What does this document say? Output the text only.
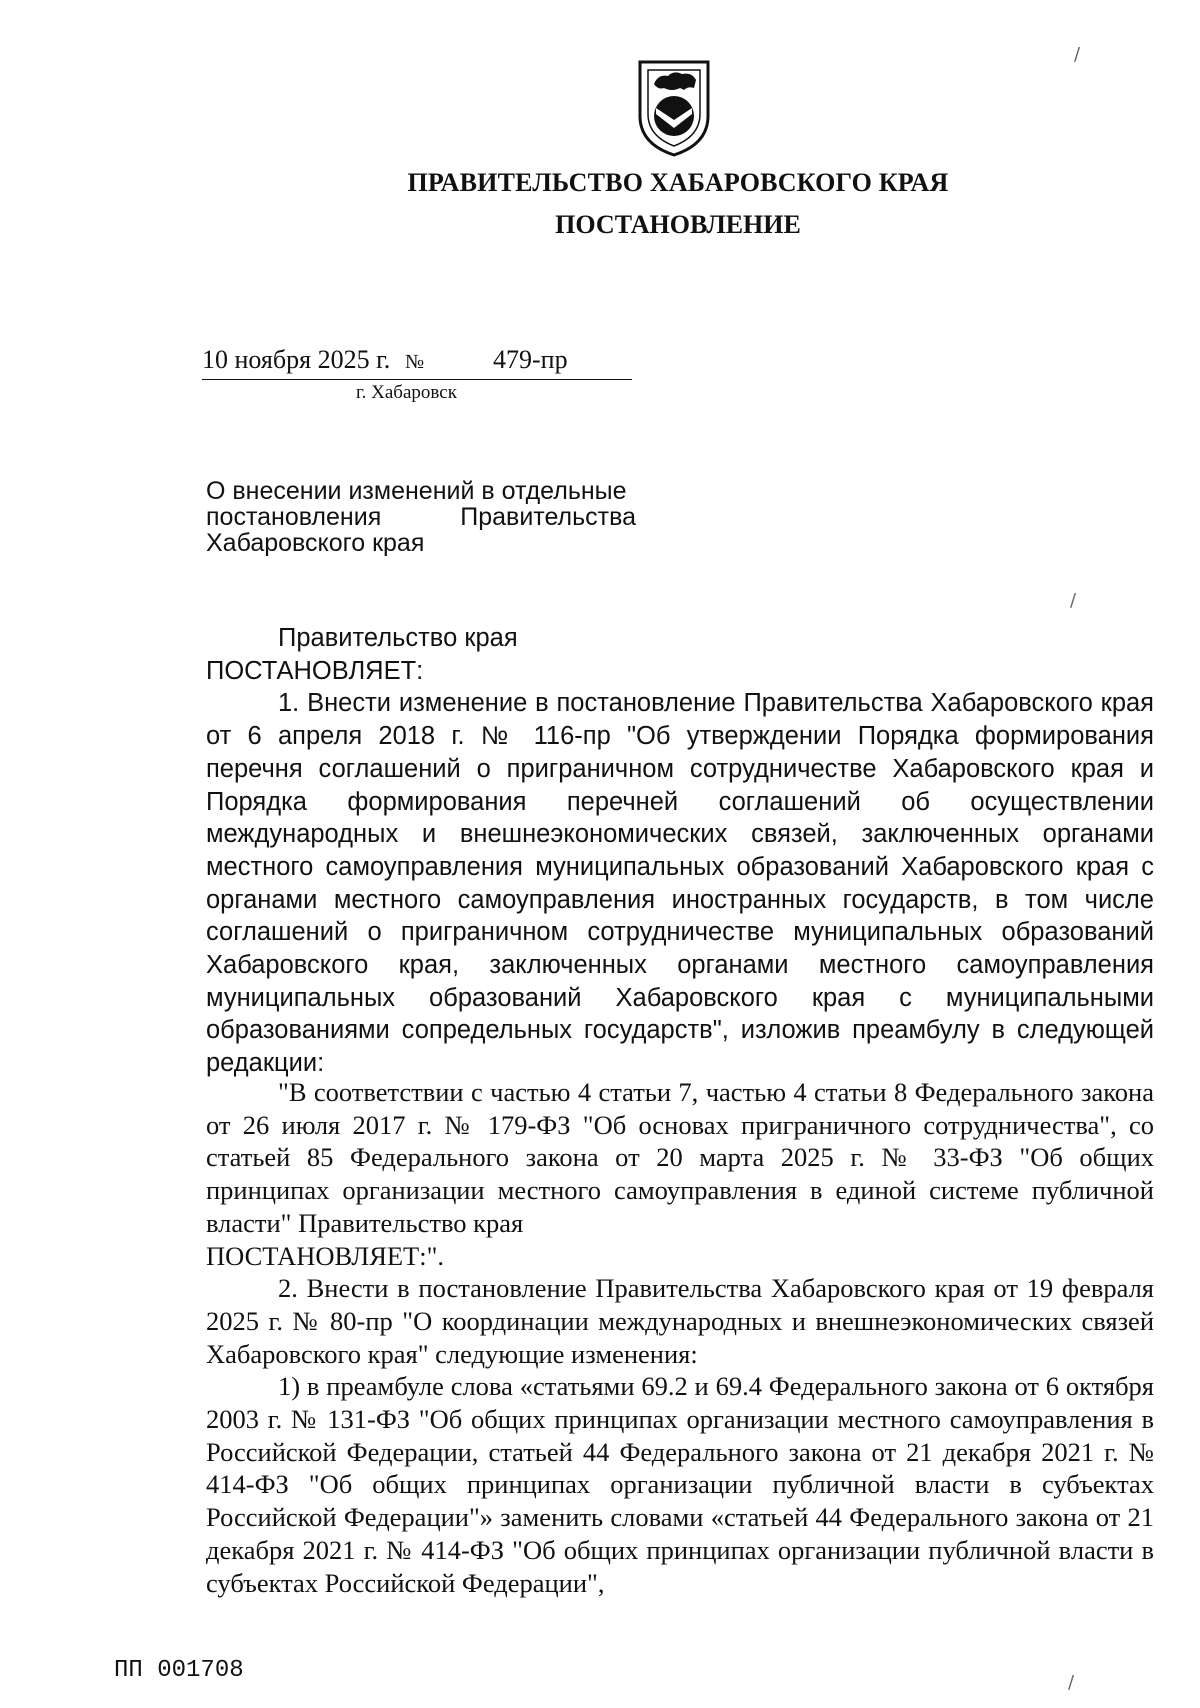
ПРАВИТЕЛЬСТВО ХАБАРОВСКОГО КРАЯ
ПОСТАНОВЛЕНИЕ
10 ноября 2025 г. №	479-пр
г. Хабаровск
О внесении изменений в отдельные
постановления	Правительства
Хабаровского края

Правительство края

ПОСТАНОВЛЯЕТ:

1. Внести изменение в постановление Правительства Хабаровского края от 6 апреля 2018 г. № 116-пр "Об утверждении Порядка формирования перечня соглашений о приграничном сотрудничестве Хабаровского края и Порядка формирования перечней соглашений об осуществлении международных и внешнеэкономических связей, заключенных органами местного самоуправления муниципальных образований Хабаровского края с органами местного самоуправления иностранных государств, в том числе соглашений о приграничном сотрудничестве муниципальных образований Хабаровского края, заключенных органами местного самоуправления муниципальных образований Хабаровского края с муниципальными образованиями сопредельных государств", изложив преамбулу в следующей редакции:

"В соответствии с частью 4 статьи 7, частью 4 статьи 8 Федерального закона от 26 июля 2017 г. № 179-ФЗ "Об основах приграничного сотрудничества", со статьей 85 Федерального закона от 20 марта 2025 г. № 33-ФЗ "Об общих принципах организации местного самоуправления в единой системе публичной власти" Правительство края

ПОСТАНОВЛЯЕТ:".

2. Внести в постановление Правительства Хабаровского края от 19 февраля 2025 г. № 80-пр "О координации международных и внешнеэкономических связей Хабаровского края" следующие изменения:

1) в преамбуле слова «статьями 69.2 и 69.4 Федерального закона от 6 октября 2003 г. № 131-ФЗ "Об общих принципах организации местного самоуправления в Российской Федерации, статьей 44 Федерального закона от 21 декабря 2021 г. № 414-ФЗ "Об общих принципах организации публичной власти в субъектах Российской Федерации"» заменить словами «статьей 44 Федерального закона от 21 декабря 2021 г. № 414-ФЗ "Об общих принципах организации публичной власти в субъектах Российской Федерации",

ПП 001708
/
/
/
